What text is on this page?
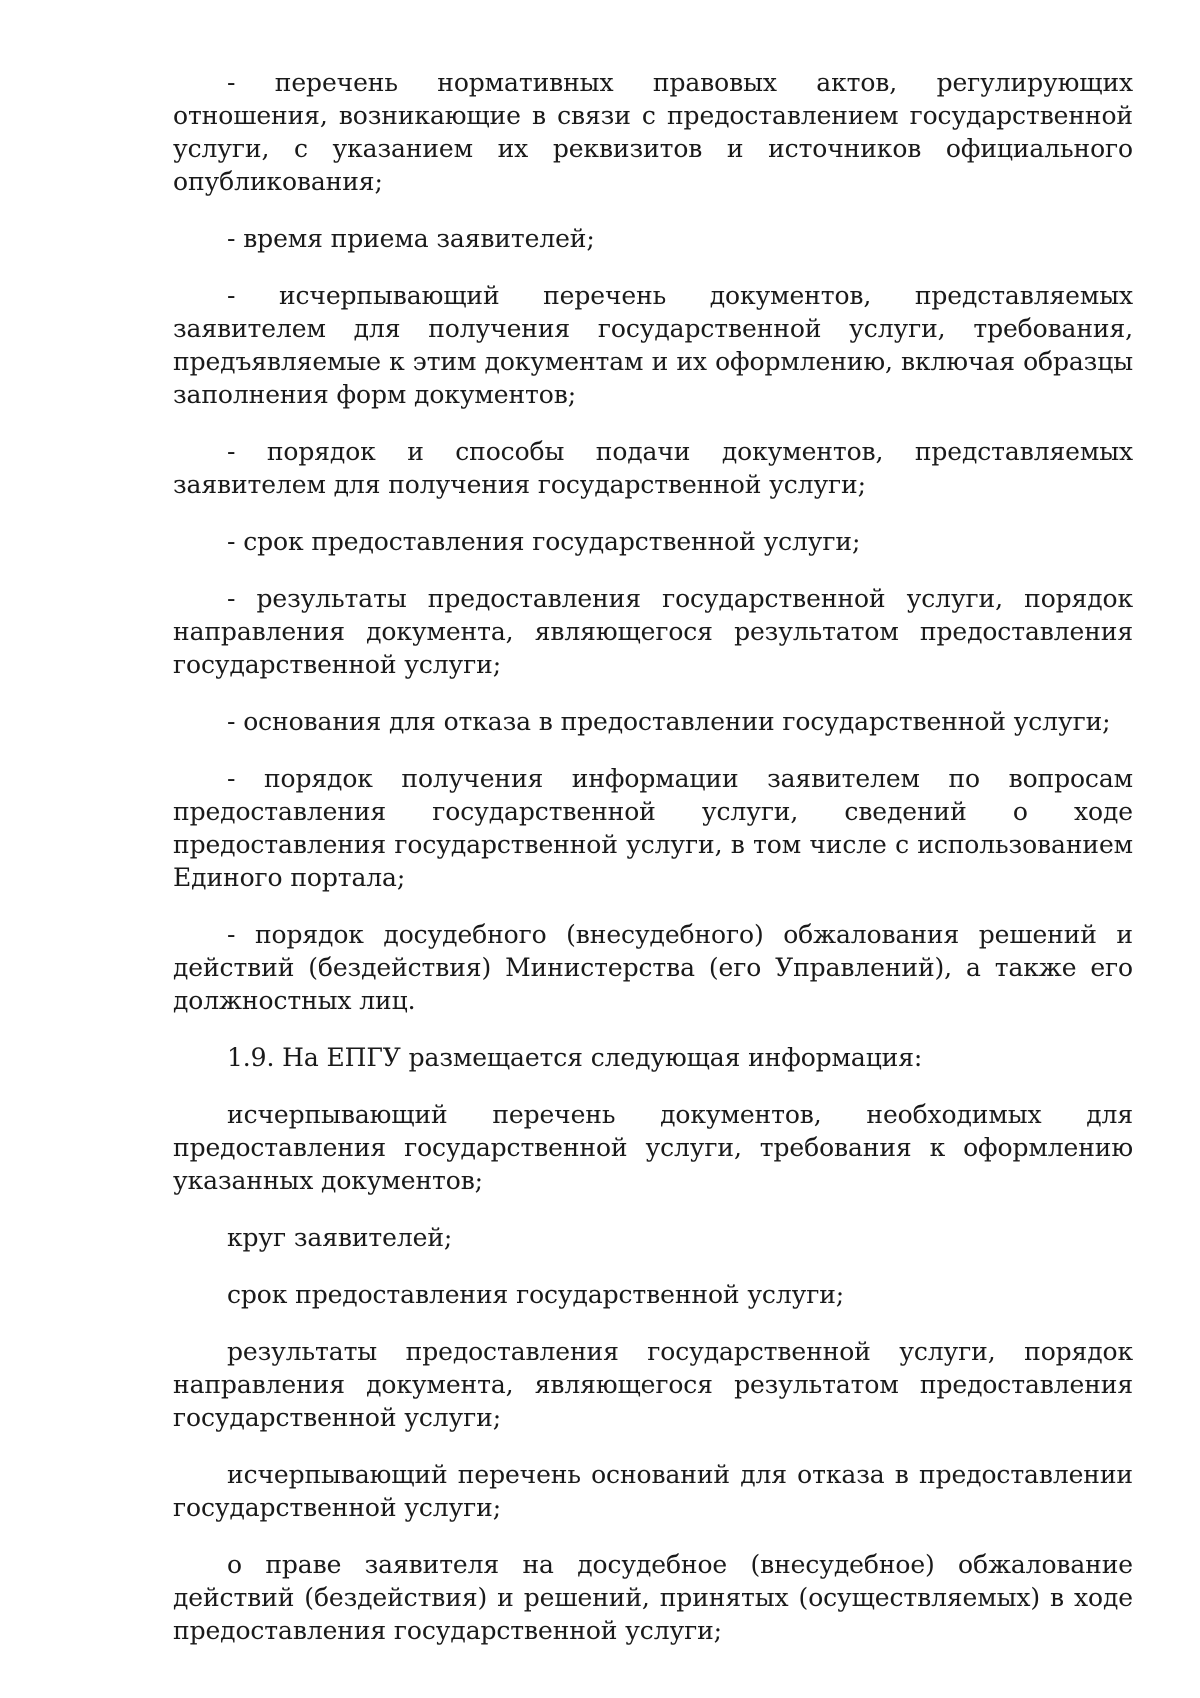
- перечень нормативных правовых актов, регулирующих отношения, возникающие в связи с предоставлением государственной услуги, с указанием их реквизитов и источников официального опубликования;

- время приема заявителей;

- исчерпывающий перечень документов, представляемых заявителем для получения государственной услуги, требования, предъявляемые к этим документам и их оформлению, включая образцы заполнения форм документов;

- порядок и способы подачи документов, представляемых заявителем для получения государственной услуги;

- срок предоставления государственной услуги;

- результаты предоставления государственной услуги, порядок направления документа, являющегося результатом предоставления государственной услуги;

- основания для отказа в предоставлении государственной услуги;

- порядок получения информации заявителем по вопросам предоставления государственной услуги, сведений о ходе предоставления государственной услуги, в том числе с использованием Единого портала;

- порядок досудебного (внесудебного) обжалования решений и действий (бездействия) Министерства (его Управлений), а также его должностных лиц.

1.9. На ЕПГУ размещается следующая информация:

исчерпывающий перечень документов, необходимых для предоставления государственной услуги, требования к оформлению указанных документов;

круг заявителей;

срок предоставления государственной услуги;

результаты предоставления государственной услуги, порядок направления документа, являющегося результатом предоставления государственной услуги;

исчерпывающий перечень оснований для отказа в предоставлении государственной услуги;

о праве заявителя на досудебное (внесудебное) обжалование действий (бездействия) и решений, принятых (осуществляемых) в ходе предоставления государственной услуги;
